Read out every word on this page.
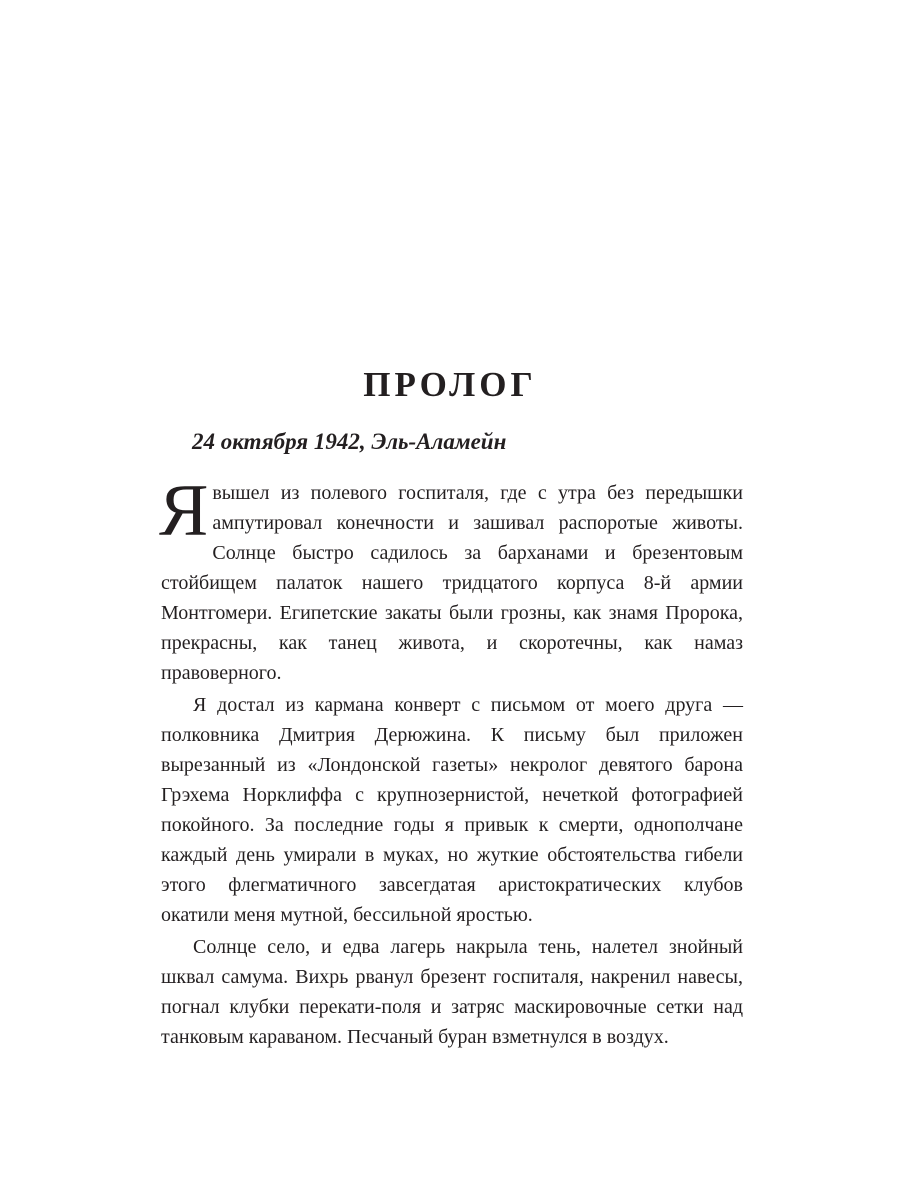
ПРОЛОГ
24 октября 1942, Эль-Аламейн

Явышел из полевого госпиталя, где с утра без передышки ампутировал конечности и зашивал распоротые животы. Солнце быстро садилось за барханами и брезентовым стойбищем палаток нашего тридцатого корпуса 8-й армии Монтгомери. Египетские закаты были грозны, как знамя Пророка, прекрасны, как танец живота, и скоротечны, как намаз правоверного.

Я достал из кармана конверт с письмом от моего друга — полковника Дмитрия Дерюжина. К письму был приложен вырезанный из «Лондонской газеты» некролог девятого барона Грэхема Норклиффа с крупнозернистой, нечеткой фотографией покойного. За последние годы я привык к смерти, однополчане каждый день умирали в муках, но жуткие обстоятельства гибели этого флегматичного завсегдатая аристократических клубов окатили меня мутной, бессильной яростью.

Солнце село, и едва лагерь накрыла тень, налетел знойный шквал самума. Вихрь рванул брезент госпиталя, накренил навесы, погнал клубки перекати-поля и затряс маскировочные сетки над танковым караваном. Песчаный буран взметнулся в воздух.
